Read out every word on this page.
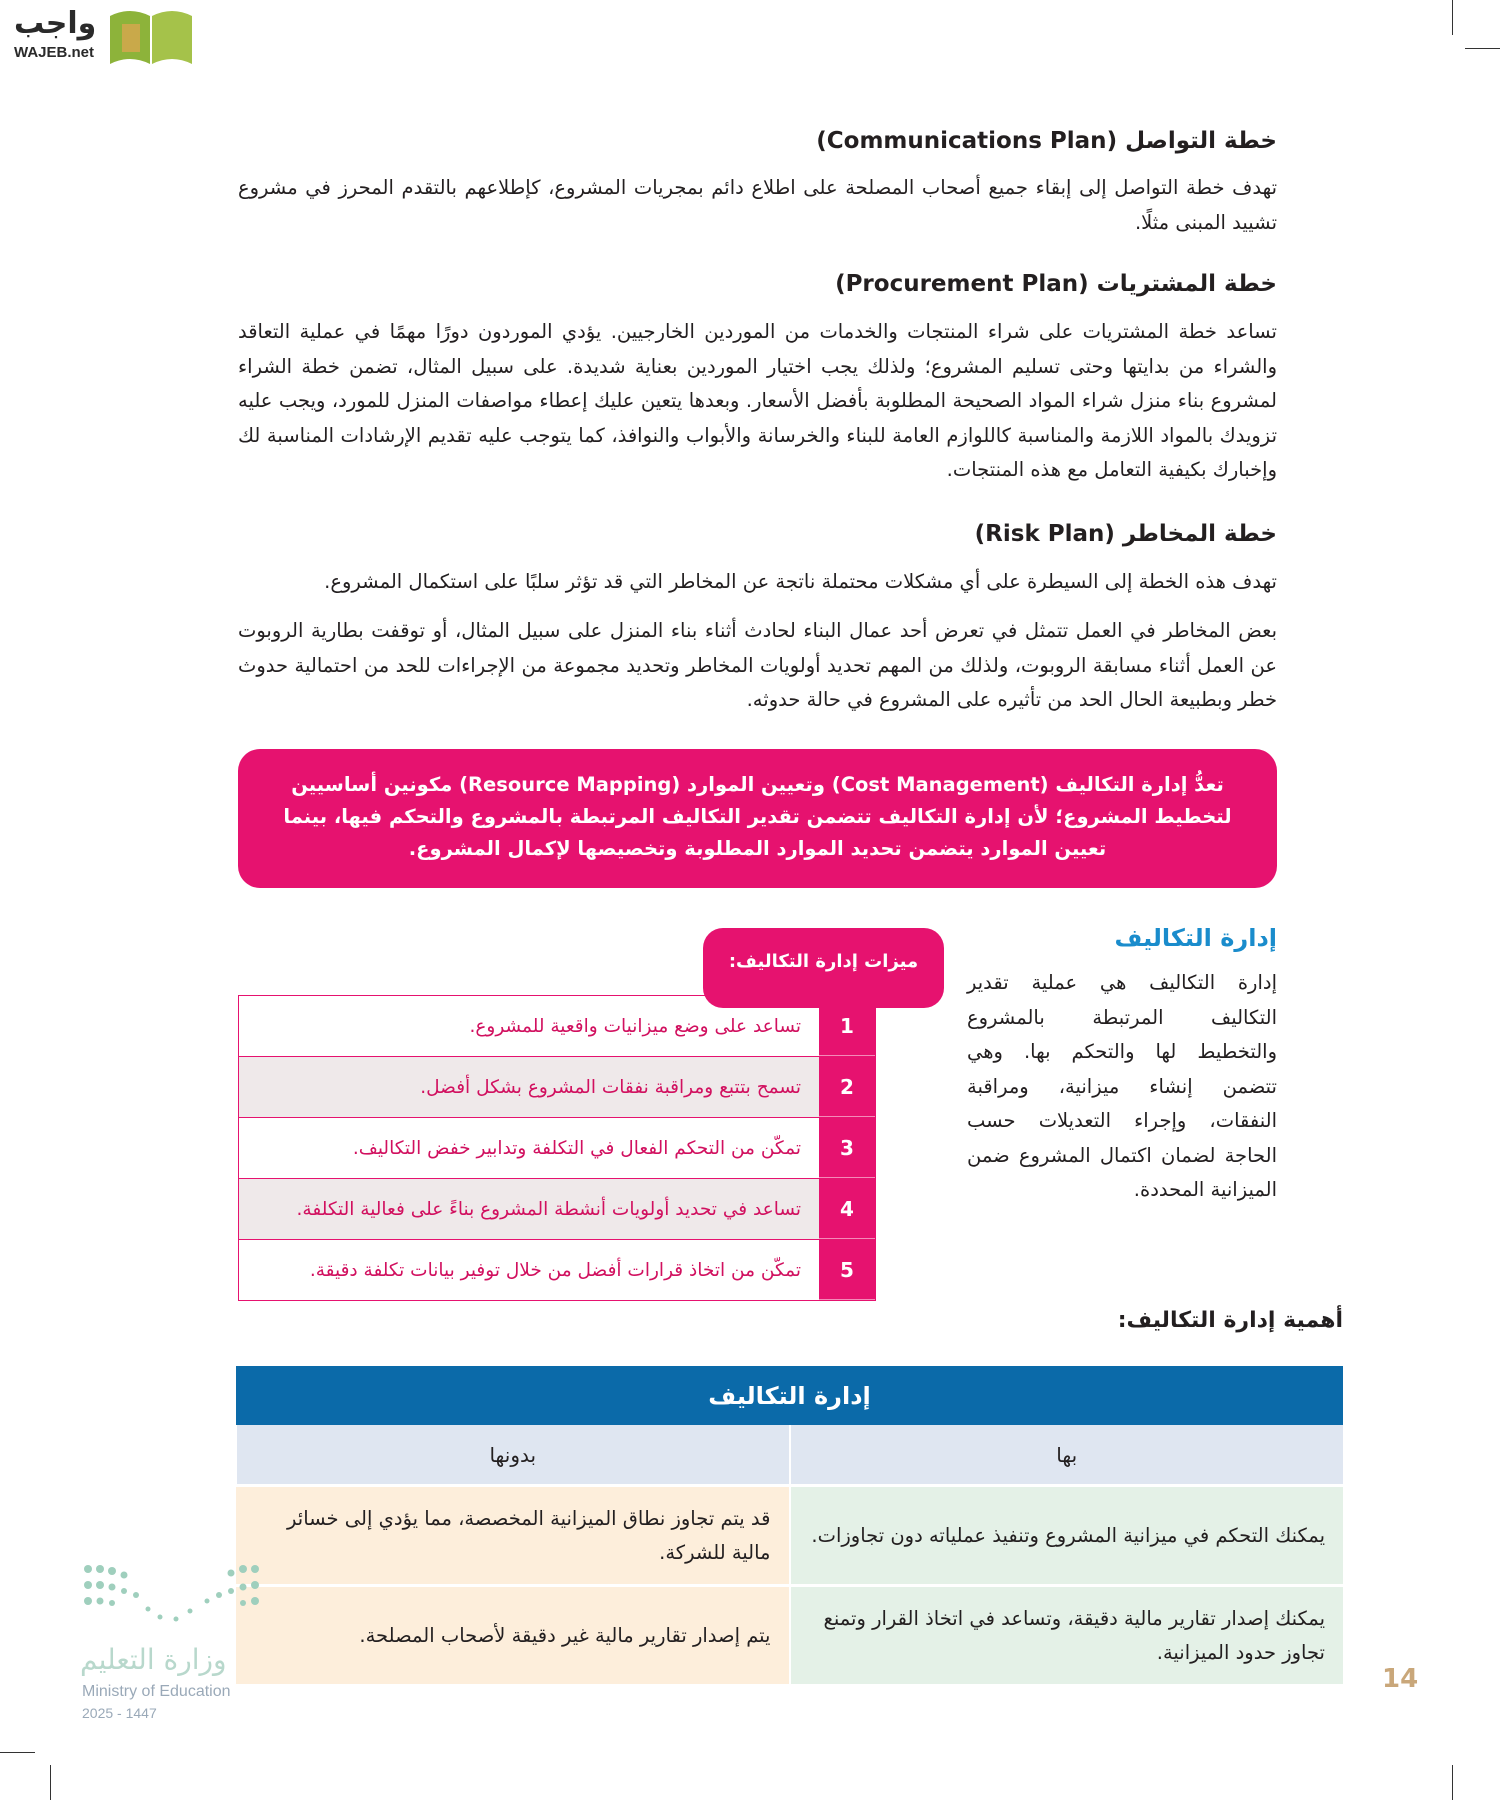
واجب
WAJEB.net
خطة التواصل (Communications Plan)
تهدف خطة التواصل إلى إبقاء جميع أصحاب المصلحة على اطلاع دائم بمجريات المشروع، كإطلاعهم بالتقدم المحرز في مشروع تشييد المبنى مثلًا.
خطة المشتريات (Procurement Plan)
تساعد خطة المشتريات على شراء المنتجات والخدمات من الموردين الخارجيين. يؤدي الموردون دورًا مهمًا في عملية التعاقد والشراء من بدايتها وحتى تسليم المشروع؛ ولذلك يجب اختيار الموردين بعناية شديدة. على سبيل المثال، تضمن خطة الشراء لمشروع بناء منزل شراء المواد الصحيحة المطلوبة بأفضل الأسعار. وبعدها يتعين عليك إعطاء مواصفات المنزل للمورد، ويجب عليه تزويدك بالمواد اللازمة والمناسبة كاللوازم العامة للبناء والخرسانة والأبواب والنوافذ، كما يتوجب عليه تقديم الإرشادات المناسبة لك وإخبارك بكيفية التعامل مع هذه المنتجات.
خطة المخاطر (Risk Plan)
تهدف هذه الخطة إلى السيطرة على أي مشكلات محتملة ناتجة عن المخاطر التي قد تؤثر سلبًا على استكمال المشروع.
بعض المخاطر في العمل تتمثل في تعرض أحد عمال البناء لحادث أثناء بناء المنزل على سبيل المثال، أو توقفت بطارية الروبوت عن العمل أثناء مسابقة الروبوت، ولذلك من المهم تحديد أولويات المخاطر وتحديد مجموعة من الإجراءات للحد من احتمالية حدوث خطر وبطبيعة الحال الحد من تأثيره على المشروع في حالة حدوثه.
تعدُّ إدارة التكاليف (Cost Management) وتعيين الموارد (Resource Mapping) مكونين أساسيين لتخطيط المشروع؛ لأن إدارة التكاليف تتضمن تقدير التكاليف المرتبطة بالمشروع والتحكم فيها، بينما تعيين الموارد يتضمن تحديد الموارد المطلوبة وتخصيصها لإكمال المشروع.
إدارة التكاليف
إدارة التكاليف هي عملية تقدير التكاليف المرتبطة بالمشروع والتخطيط لها والتحكم بها. وهي تتضمن إنشاء ميزانية، ومراقبة النفقات، وإجراء التعديلات حسب الحاجة لضمان اكتمال المشروع ضمن الميزانية المحددة.
ميزات إدارة التكاليف:
1
تساعد على وضع ميزانيات واقعية للمشروع.
2
تسمح بتتبع ومراقبة نفقات المشروع بشكل أفضل.
3
تمكّن من التحكم الفعال في التكلفة وتدابير خفض التكاليف.
4
تساعد في تحديد أولويات أنشطة المشروع بناءً على فعالية التكلفة.
5
تمكّن من اتخاذ قرارات أفضل من خلال توفير بيانات تكلفة دقيقة.
أهمية إدارة التكاليف:
إدارة التكاليف	
بها	بدونها
يمكنك التحكم في ميزانية المشروع وتنفيذ عملياته دون تجاوزات.	قد يتم تجاوز نطاق الميزانية المخصصة، مما يؤدي إلى خسائر مالية للشركة.
يمكنك إصدار تقارير مالية دقيقة، وتساعد في اتخاذ القرار وتمنع تجاوز حدود الميزانية.	يتم إصدار تقارير مالية غير دقيقة لأصحاب المصلحة.
وزارة التعليم
Ministry of Education
2025 - 1447
14
